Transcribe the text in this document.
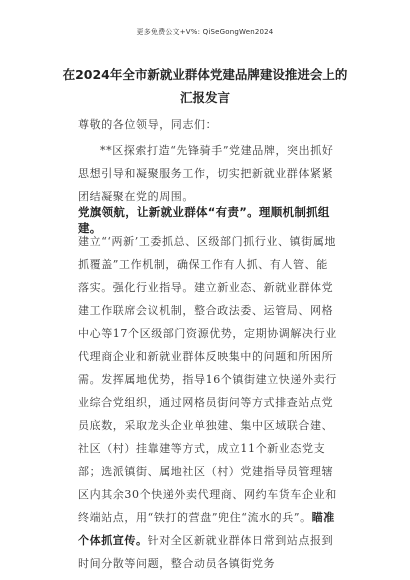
更多免费公文+V%: QiSeGongWen2024
在2024年全市新就业群体党建品牌建设推进会上的汇报发言
尊敬的各位领导，同志们：
**区探索打造“先锋骑手”党建品牌，突出抓好思想引导和凝聚服务工作，切实把新就业群体紧紧团结凝聚在党的周围。
党旗领航，让新就业群体“有责”。理顺机制抓组建。
建立“‘两新’工委抓总、区级部门抓行业、镇街属地抓覆盖”工作机制，确保工作有人抓、有人管、能落实。强化行业指导。建立新业态、新就业群体党建工作联席会议机制，整合政法委、运管局、网格中心等17个区级部门资源优势，定期协调解决行业代理商企业和新就业群体反映集中的问题和所困所需。发挥属地优势，指导16个镇街建立快递外卖行业综合党组织，通过网格员街问等方式排查站点党员底数，采取龙头企业单独建、集中区域联合建、社区（村）挂靠建等方式，成立11个新业态党支部；选派镇街、属地社区（村）党建指导员管理辖区内其余30个快递外卖代理商、网约车货车企业和终端站点，用“铁打的营盘”兜住“流水的兵”。瞄准个体抓宣传。针对全区新就业群体日常到站点报到时间分散等问题，整合动员各镇街党务
